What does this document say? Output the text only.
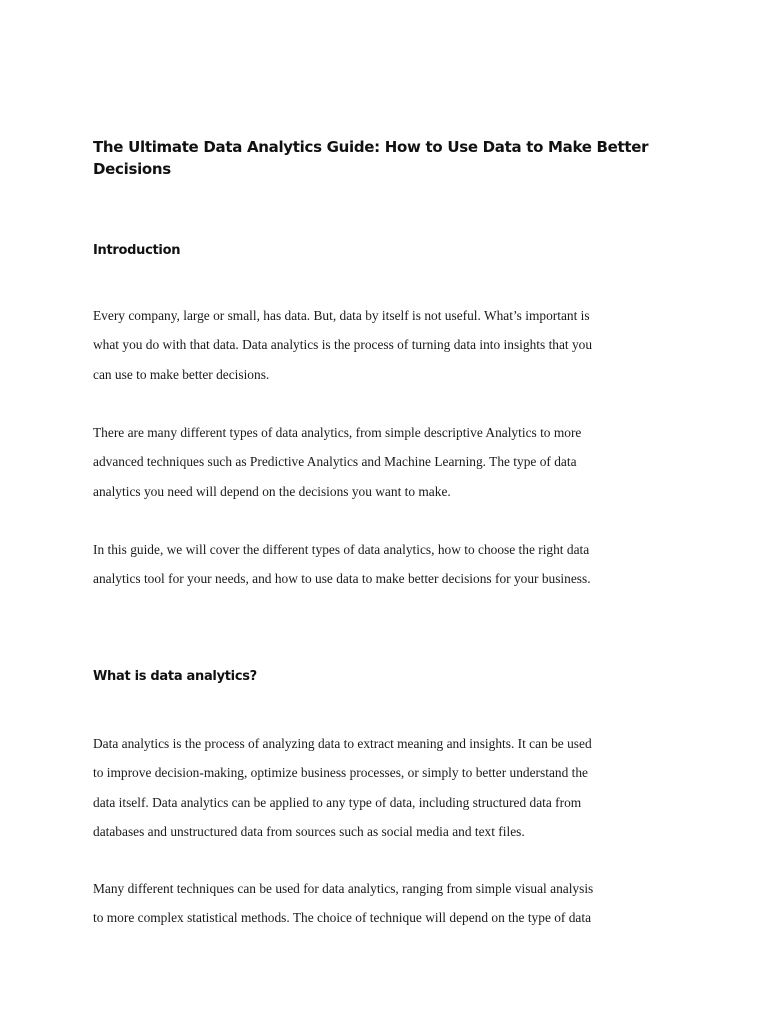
The Ultimate Data Analytics Guide: How to Use Data to Make Better Decisions
Introduction

Every company, large or small, has data. But, data by itself is not useful. What’s important is
what you do with that data. Data analytics is the process of turning data into insights that you
can use to make better decisions.

There are many different types of data analytics, from simple descriptive Analytics to more
advanced techniques such as Predictive Analytics and Machine Learning. The type of data
analytics you need will depend on the decisions you want to make.

In this guide, we will cover the different types of data analytics, how to choose the right data
analytics tool for your needs, and how to use data to make better decisions for your business.

What is data analytics?

Data analytics is the process of analyzing data to extract meaning and insights. It can be used
to improve decision-making, optimize business processes, or simply to better understand the
data itself. Data analytics can be applied to any type of data, including structured data from
databases and unstructured data from sources such as social media and text files.

Many different techniques can be used for data analytics, ranging from simple visual analysis
to more complex statistical methods. The choice of technique will depend on the type of data
